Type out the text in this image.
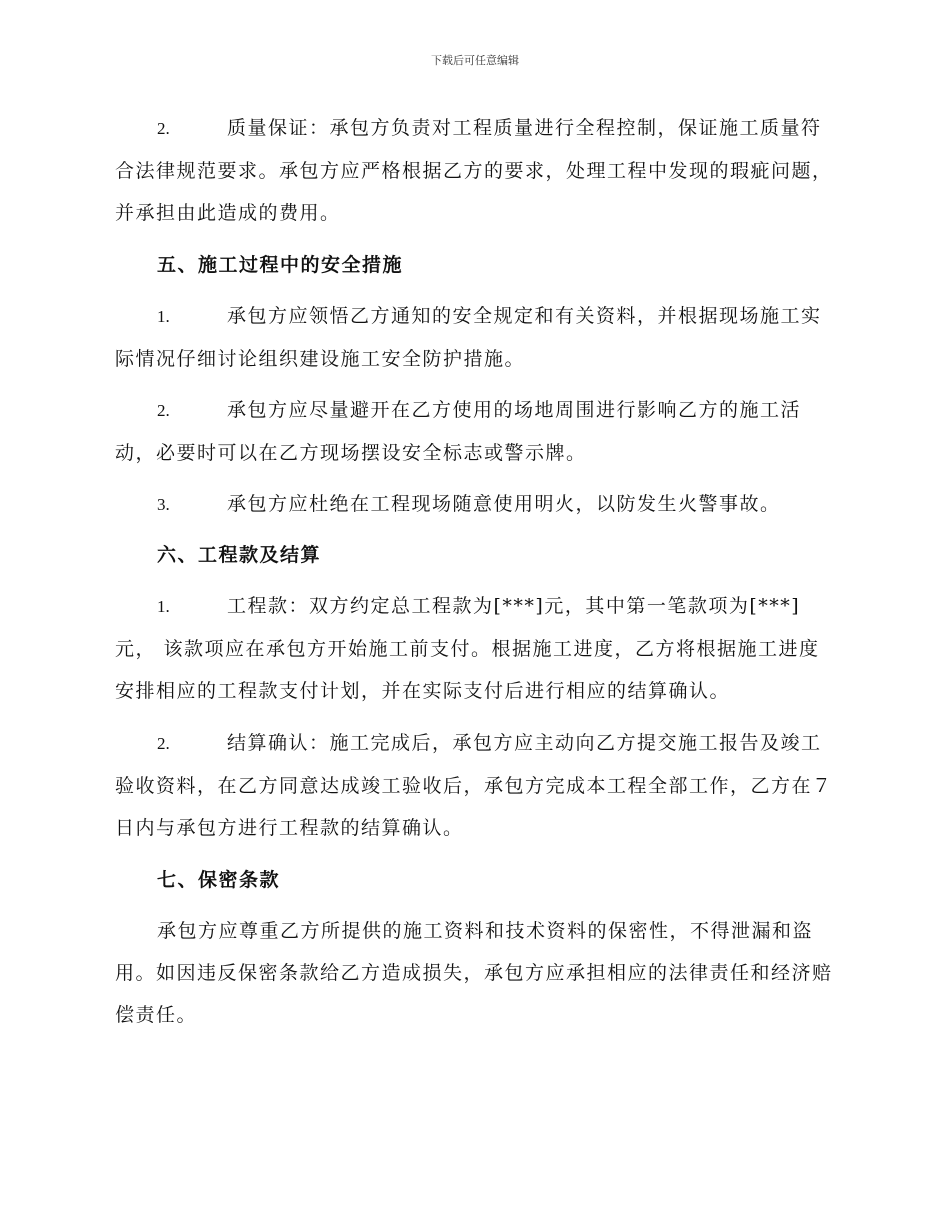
下载后可任意编辑

2.	质量保证：承包方负责对工程质量进行全程控制，保证施工质量符合法律规范要求。承包方应严格根据乙方的要求，处理工程中发现的瑕疵问题，并承担由此造成的费用。

五、施工过程中的安全措施

1.	承包方应领悟乙方通知的安全规定和有关资料，并根据现场施工实际情况仔细讨论组织建设施工安全防护措施。

2.	承包方应尽量避开在乙方使用的场地周围进行影响乙方的施工活动，必要时可以在乙方现场摆设安全标志或警示牌。

3.	承包方应杜绝在工程现场随意使用明火，以防发生火警事故。

六、工程款及结算

1.	工程款：双方约定总工程款为[***]元，其中第一笔款项为[***]元， 该款项应在承包方开始施工前支付。根据施工进度，乙方将根据施工进度安排相应的工程款支付计划，并在实际支付后进行相应的结算确认。

2.	结算确认：施工完成后，承包方应主动向乙方提交施工报告及竣工验收资料，在乙方同意达成竣工验收后，承包方完成本工程全部工作，乙方在７日内与承包方进行工程款的结算确认。

七、保密条款

承包方应尊重乙方所提供的施工资料和技术资料的保密性，不得泄漏和盗用。如因违反保密条款给乙方造成损失，承包方应承担相应的法律责任和经济赔偿责任。
